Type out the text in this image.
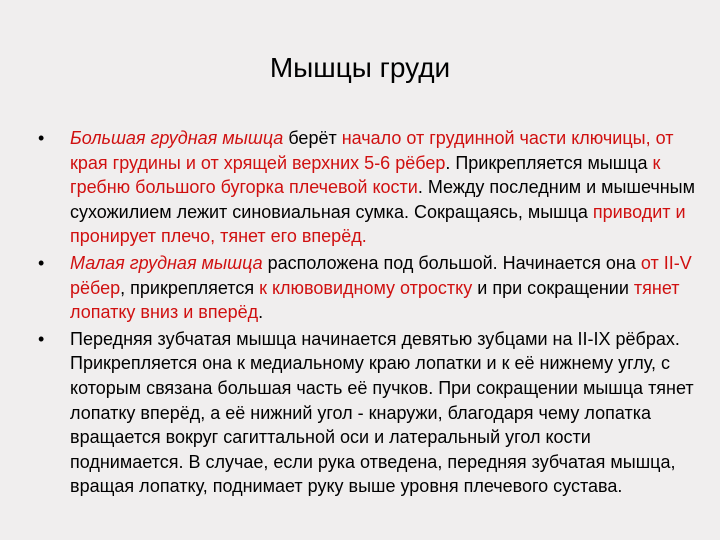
Мышцы груди
•	Большая грудная мышца берёт начало от грудинной части ключицы, от края грудины и от хрящей верхних 5-6 рёбер. Прикрепляется мышца к гребню большого бугорка плечевой кости. Между последним и мышечным сухожилием лежит синовиальная сумка. Сокращаясь, мышца приводит и пронирует плечо, тянет его вперёд.
•	Малая грудная мышца расположена под большой. Начинается она от II-V рёбер, прикрепляется к клювовидному отростку и при сокращении тянет лопатку вниз и вперёд.
•	Передняя зубчатая мышца начинается девятью зубцами на II-IX рёбрах. Прикрепляется она к медиальному краю лопатки и к её нижнему углу, с которым связана большая часть её пучков. При сокращении мышца тянет лопатку вперёд, а её нижний угол - кнаружи, благодаря чему лопатка вращается вокруг сагиттальной оси и латеральный угол кости поднимается. В случае, если рука отведена, передняя зубчатая мышца, вращая лопатку, поднимает руку выше уровня плечевого сустава.
